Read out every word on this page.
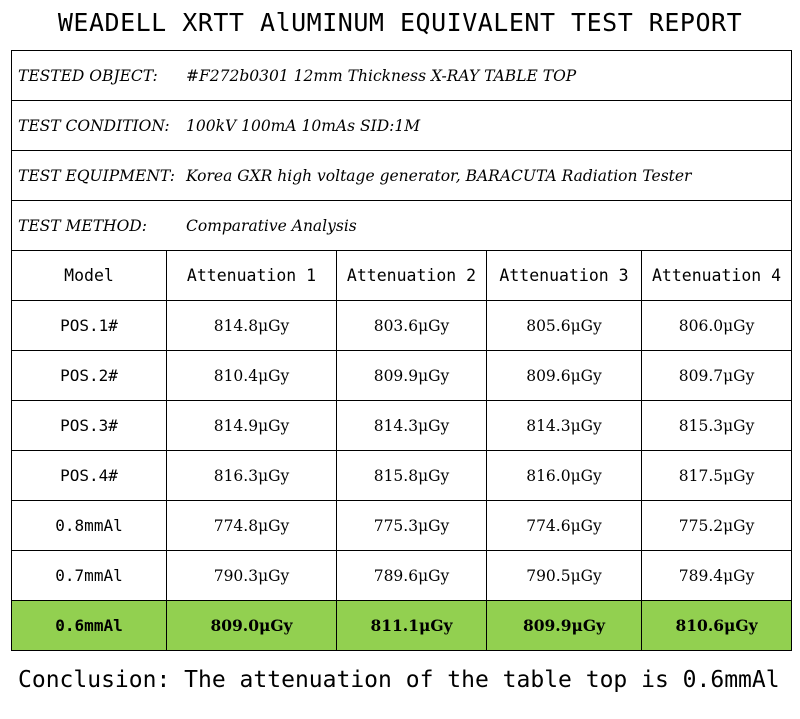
WEADELL XRTT AlUMINUM EQUIVALENT TEST REPORT
TESTED OBJECT: #F272b0301 12mm Thickness X-RAY TABLE TOP				
TEST CONDITION: 100kV 100mA 10mAs SID:1M				
TEST EQUIPMENT: Korea GXR high voltage generator, BARACUTA Radiation Tester				
TEST METHOD: Comparative Analysis				
Model	Attenuation 1	Attenuation 2	Attenuation 3	Attenuation 4
POS.1#	814.8μGy	803.6μGy	805.6μGy	806.0μGy
POS.2#	810.4μGy	809.9μGy	809.6μGy	809.7μGy
POS.3#	814.9μGy	814.3μGy	814.3μGy	815.3μGy
POS.4#	816.3μGy	815.8μGy	816.0μGy	817.5μGy
0.8mmAl	774.8μGy	775.3μGy	774.6μGy	775.2μGy
0.7mmAl	790.3μGy	789.6μGy	790.5μGy	789.4μGy
0.6mmAl	809.0μGy	811.1μGy	809.9μGy	810.6μGy
Conclusion: The attenuation of the table top is 0.6mmAl
